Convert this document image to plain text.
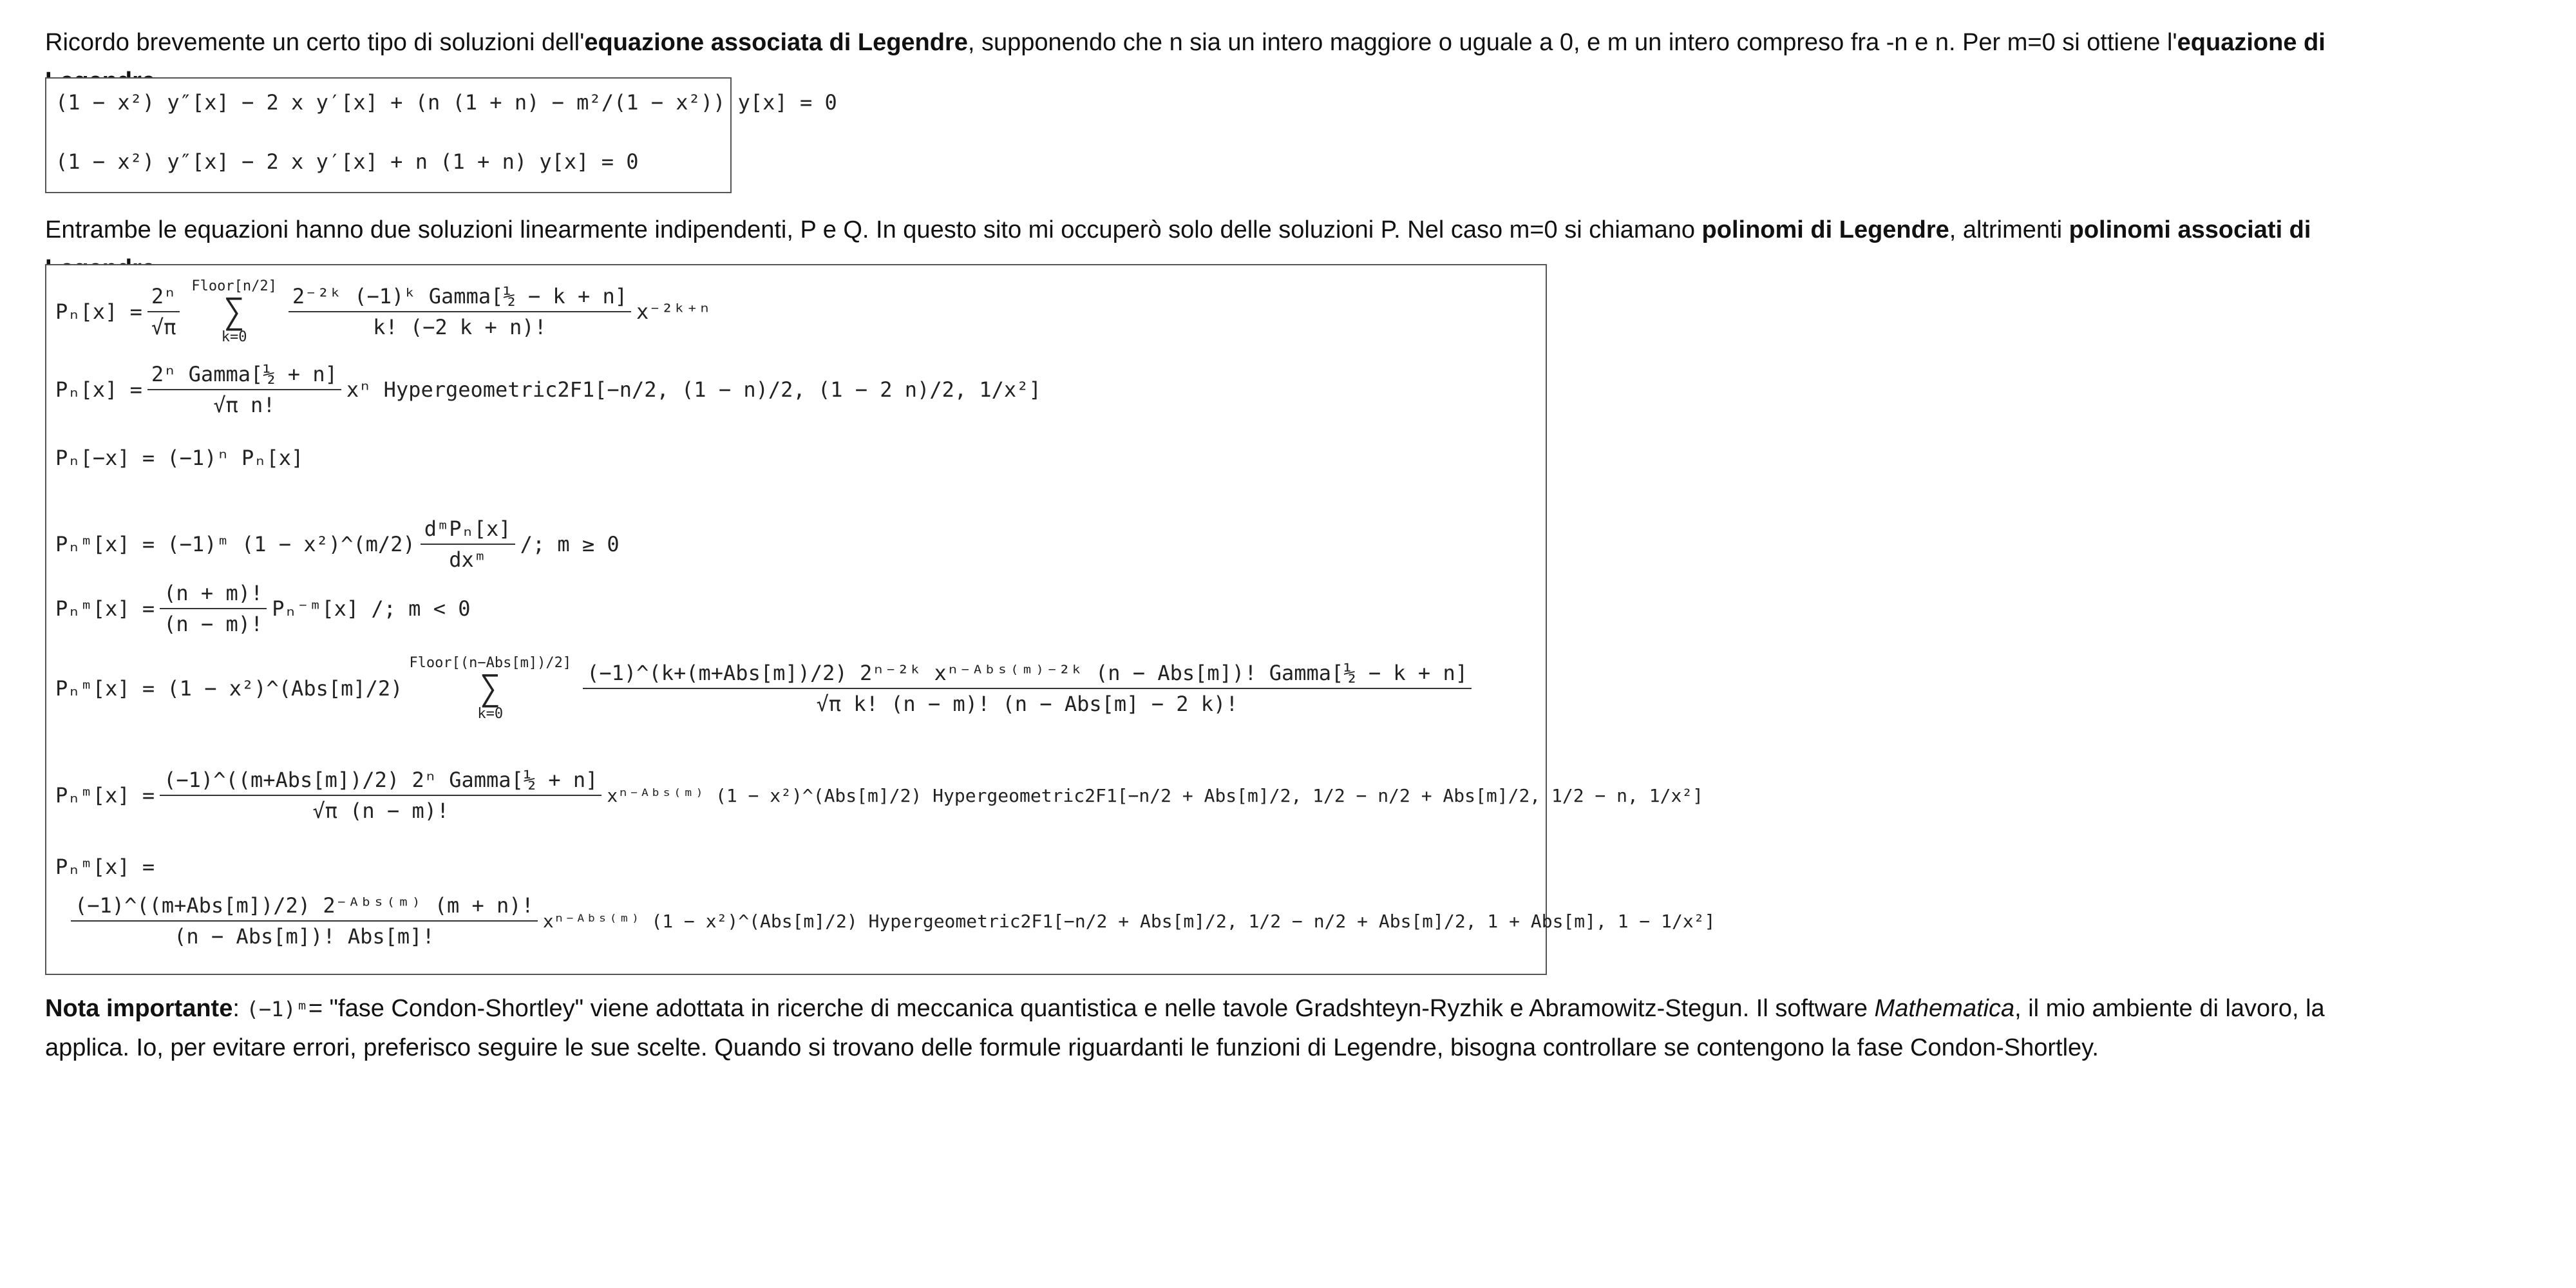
Ricordo brevemente un certo tipo di soluzioni dell'equazione associata di Legendre, supponendo che n sia un intero maggiore o uguale a 0, e m un intero compreso fra -n e n. Per m=0 si ottiene l'equazione di

(1 − x²) y″[x] − 2 x y′[x] + (n (1 + n) − m²/(1 − x²)) y[x] = 0
(1 − x²) y″[x] − 2 x y′[x] + n (1 + n) y[x] = 0

Entrambe le equazioni hanno due soluzioni linearmente indipendenti, P e Q. In questo sito mi occuperò solo delle soluzioni P. Nel caso m=0 si chiamano polinomi di Legendre, altrimenti polinomi associati di

$P_n[x] = \frac{\text{2ⁿ}}{√\pi}$ Floor[n/2]
∑
$k=0 \frac{\text{2⁻²ᵏ (−1)ᵏ Gamma[½ − k + n]}}{k! (-2 k + n)!}$ x⁻²ᵏ⁺ⁿ
$P_n[x] = \frac{\text{2ⁿ Gamma[½ + n]}}{\text{√π n!}}$ xⁿ Hypergeometric2F1[−n/2, (1 − n)/2, (1 − 2 n)/2, 1/x²]
Pₙ[−x] = (−1)ⁿ Pₙ[x]
Pₙᵐ[x] = (−1)ᵐ (1 − x²)^(m/2) $\frac{\text{dᵐPₙ[x]}}{\text{dxᵐ}}$ /; m ≥ 0
Pₙᵐ[x] = $\frac{(n + m)!}{(n - m)!}$ Pₙ⁻ᵐ[x] /; m < 0
Pₙᵐ[x] = (1 − x²)^(Abs[m]/2)
Floor[(n−Abs[m])/2]
∑
k=0
(−1)^(k+(m+Abs[m])/2) 2ⁿ⁻²ᵏ xⁿ⁻ᴬᵇˢ⁽ᵐ⁾⁻²ᵏ (n − Abs[m])! Gamma[½ − k + n]
√π k! (n − m)! (n − Abs[m] − 2 k)!
Pₙᵐ[x] = $\frac{\text{(−1)\textasciicircum{}((m+Abs[m])/2) 2ⁿ Gamma[½ + n]}}{√\pi (n - m)!}$ xⁿ⁻ᴬᵇˢ⁽ᵐ⁾ (1 − x²)^(Abs[m]/2) Hypergeometric2F1[−n/2 + Abs[m]/2, 1/2 − n/2 + Abs[m]/2, 1/2 − n, 1/x²]
Pₙᵐ[x] =
$\frac{\text{(−1)\textasciicircum{}((m+Abs[m])/2) 2⁻ᴬᵇˢ⁽ᵐ⁾ (m + n)!}}{\text{(n − Abs[m])! Abs[m]!}}$ xⁿ⁻ᴬᵇˢ⁽ᵐ⁾ (1 − x²)^(Abs[m]/2) Hypergeometric2F1[−n/2 + Abs[m]/2, 1/2 − n/2 + Abs[m]/2, 1 + Abs[m], 1 − 1/x²]

Nota importante: (−1)ᵐ= "fase Condon-Shortley" viene adottata in ricerche di meccanica quantistica e nelle tavole Gradshteyn-Ryzhik e Abramowitz-Stegun. Il software Mathematica, il mio ambiente di lavoro, la applica. Io, per evitare errori, preferisco seguire le sue scelte. Quando si trovano delle formule riguardanti le funzioni di Legendre, bisogna controllare se contengono la fase Condon-Shortley.
